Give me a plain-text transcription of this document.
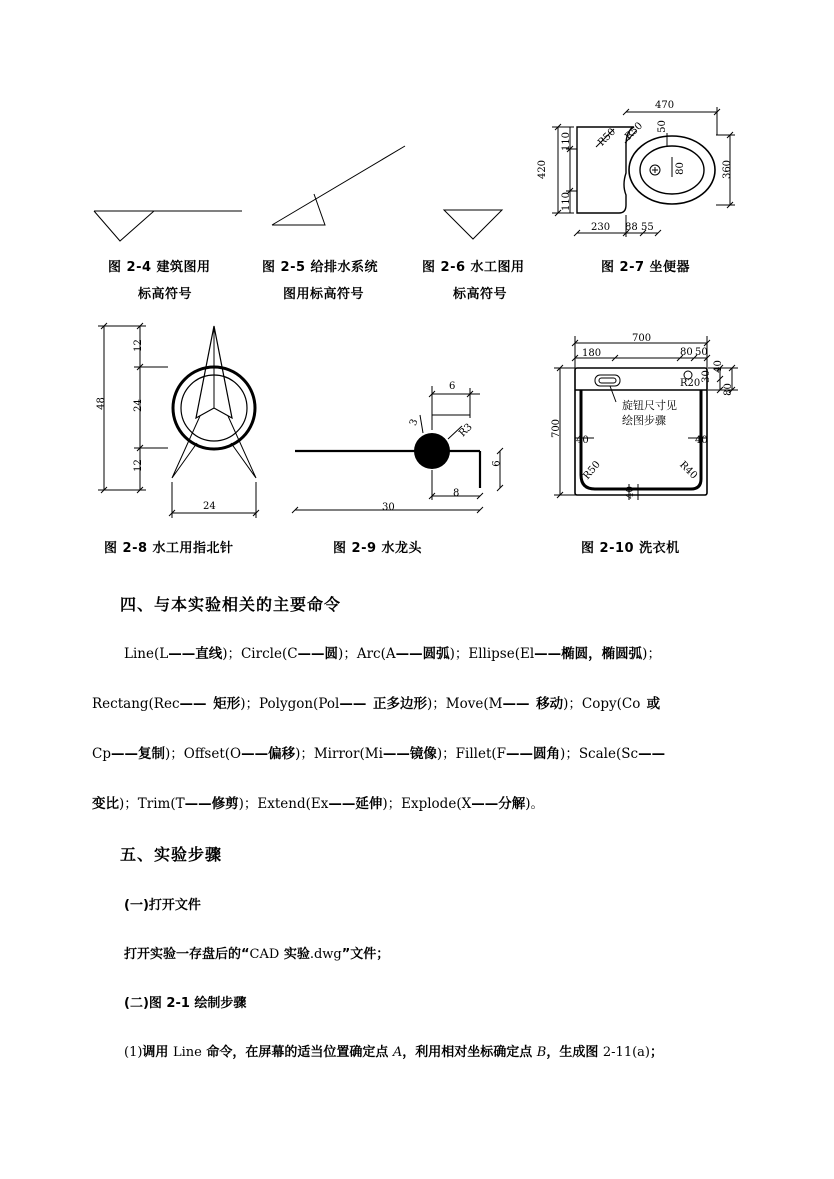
图 2-4 建筑图用
标高符号
图 2-5 给排水系统
图用标高符号
图 2-6 水工图用
标高符号
470
R50 R50 50
420
110
110
360
80
230 88 55
图 2-7 坐便器
48
12
24
12
24
图 2-8 水工用指北针
6
3	R3
6
8
30
图 2-9 水龙头
700
180	80 50
R20
30
40
80
700
40	40
R50	R40
40
旋钮尺寸见
绘图步骤
图 2-10 洗衣机
四、与本实验相关的主要命令
Line(L——直线)；Circle(C——圆)；Arc(A——圆弧)；Ellipse(El——椭圆，椭圆弧)；
Rectang(Rec—— 矩形)；Polygon(Pol—— 正多边形)；Move(M—— 移动)；Copy(Co 或
Cp——复制)；Offset(O——偏移)；Mirror(Mi——镜像)；Fillet(F——圆角)；Scale(Sc——
变比)；Trim(T——修剪)；Extend(Ex——延伸)；Explode(X——分解)。
五、实验步骤
(一)打开文件
打开实验一存盘后的“CAD 实验.dwg”文件；
(二)图 2-1 绘制步骤
(1)调用 Line 命令，在屏幕的适当位置确定点 A，利用相对坐标确定点 B，生成图 2-11(a)；
